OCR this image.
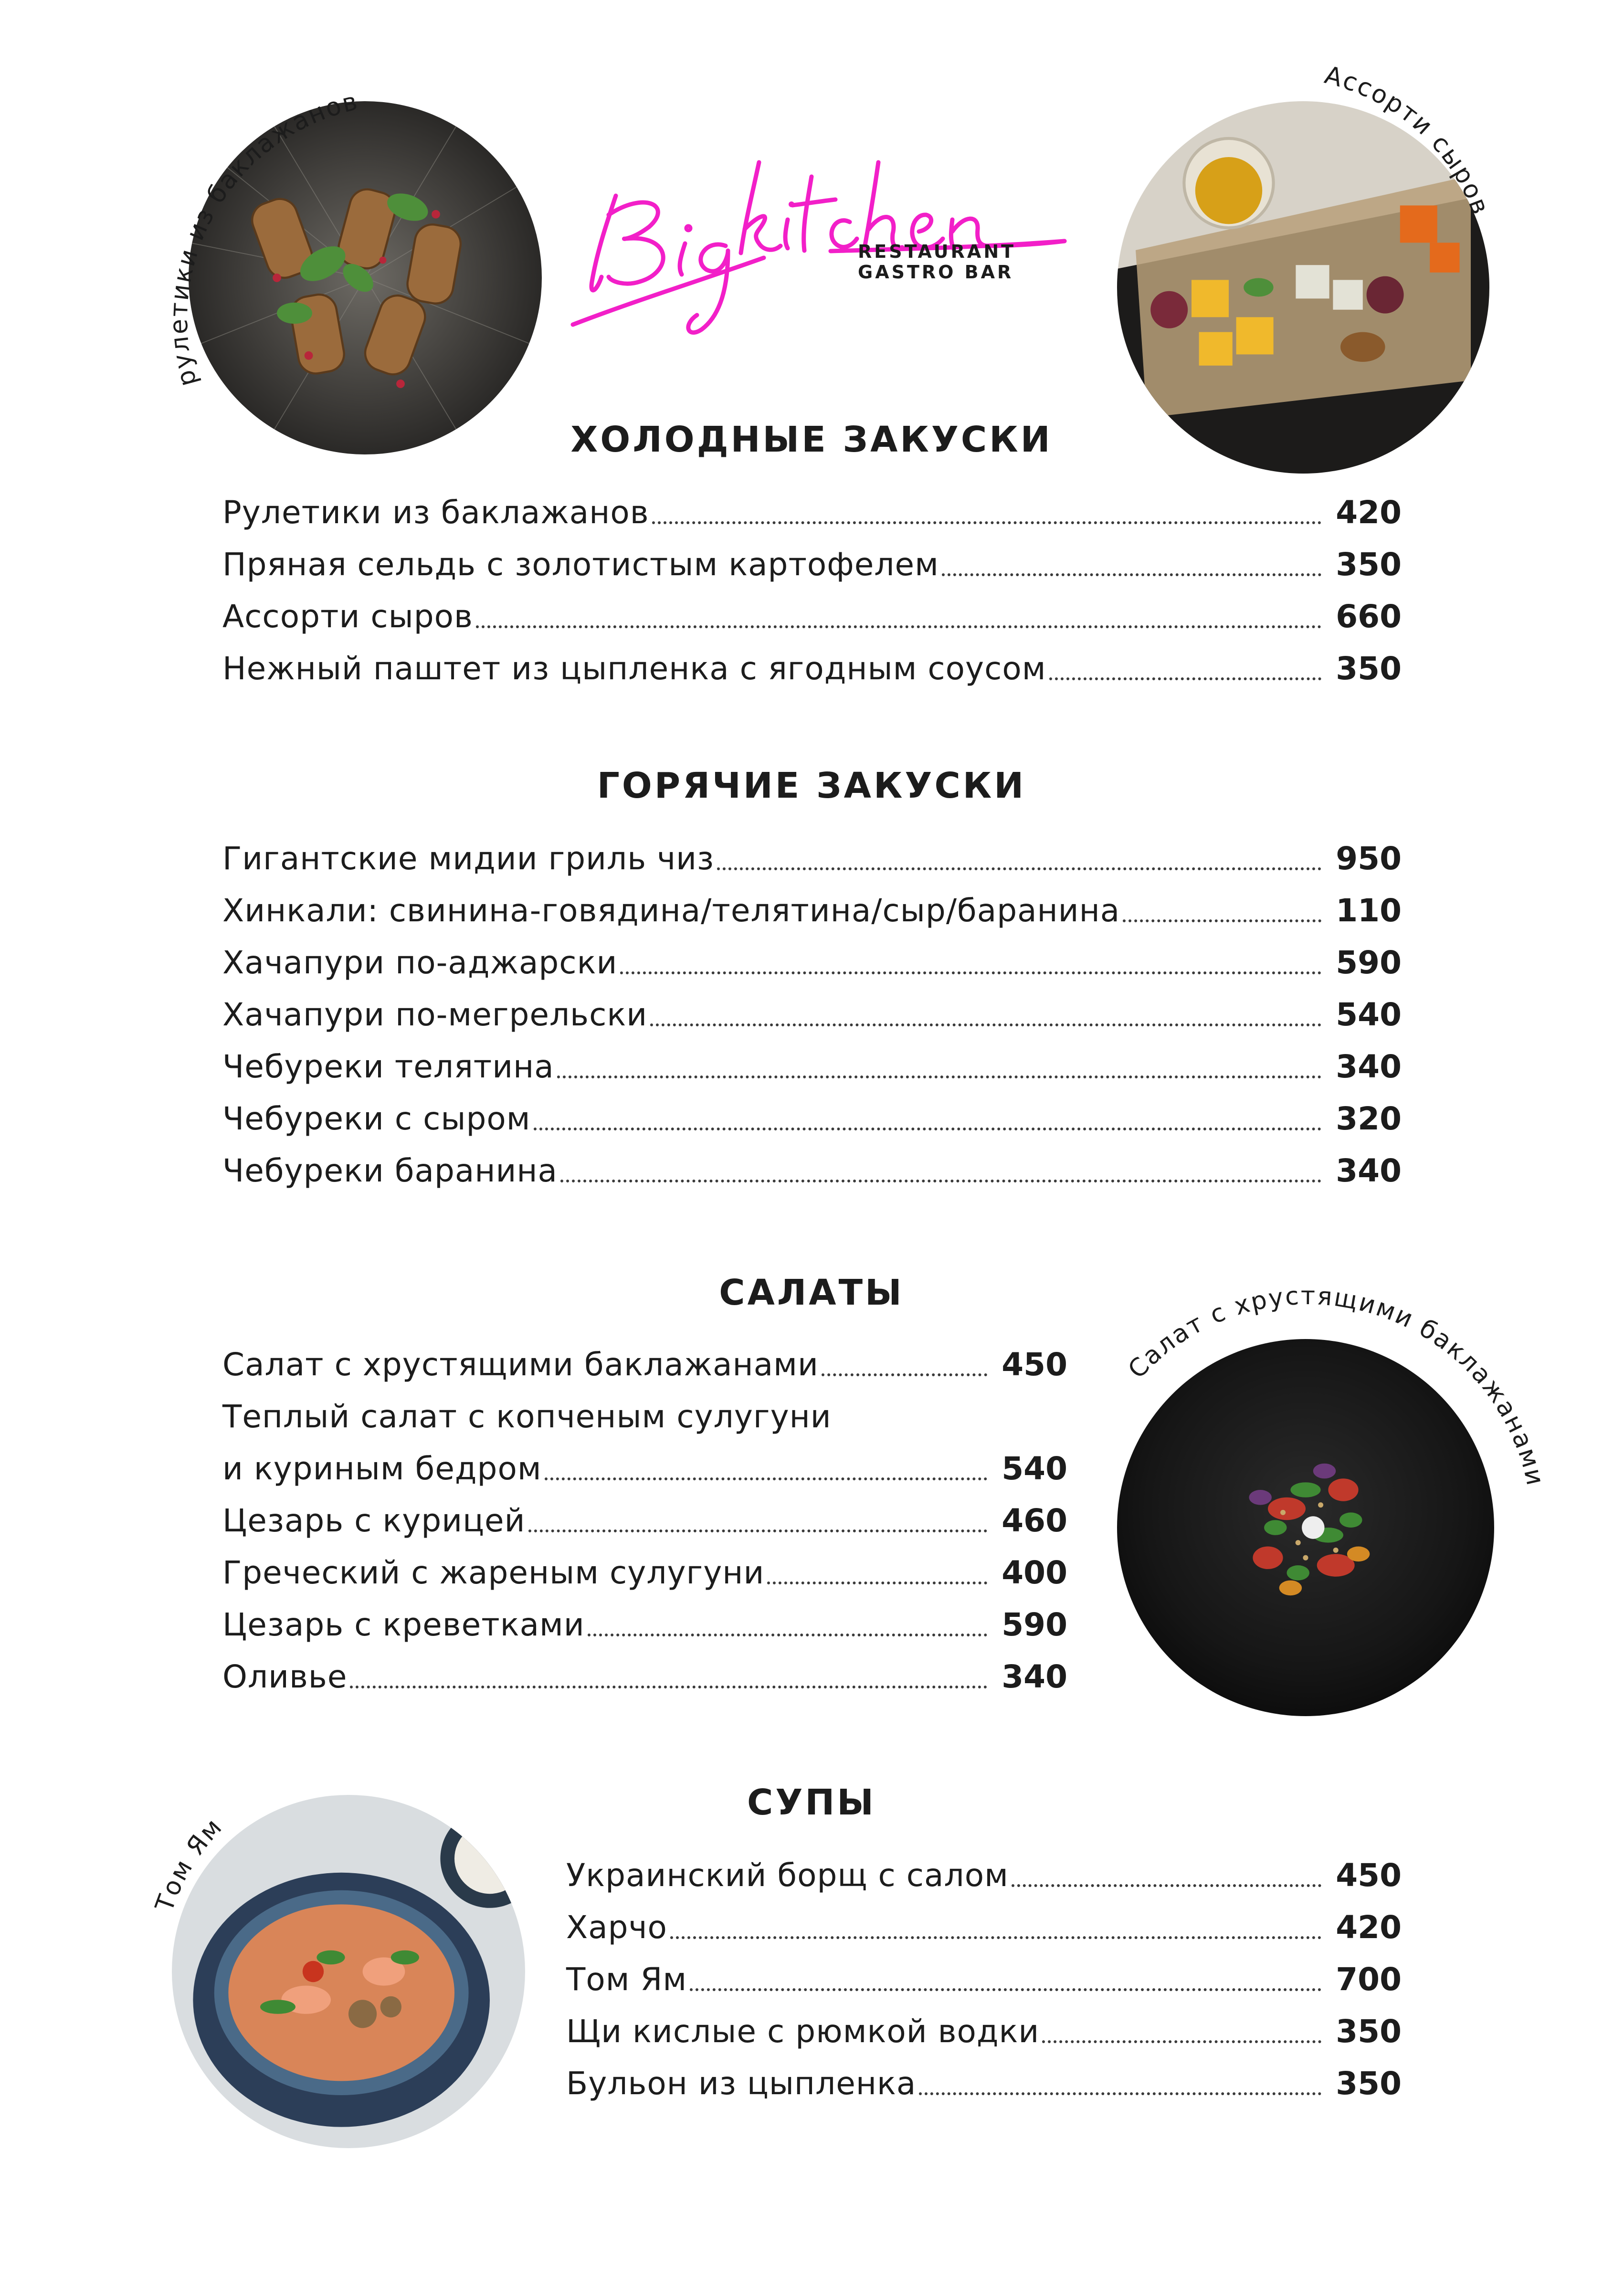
рулетики из баклажанов
Ассорти сыров
RESTAURANT
GASTRO BAR
ХОЛОДНЫЕ ЗАКУСКИ
Рулетики из баклажанов	420
Пряная сельдь с золотистым картофелем	350
Ассорти сыров	660
Нежный паштет из цыпленка с ягодным соусом	350
ГОРЯЧИЕ ЗАКУСКИ
Гигантские мидии гриль чиз	950
Хинкали: свинина-говядина/телятина/сыр/баранина	110
Хачапури по-аджарски	590
Хачапури по-мегрельски	540
Чебуреки телятина	340
Чебуреки с сыром	320
Чебуреки баранина	340
САЛАТЫ
Салат с хрустящими баклажанами	450
Теплый салат с копченым сулугуни
и куриным бедром	540
Цезарь с курицей	460
Греческий с жареным сулугуни	400
Цезарь с креветками	590
Оливье	340
Салат с хрустящими баклажанами
СУПЫ
Том Ям
Украинский борщ с салом	450
Харчо	420
Том Ям	700
Щи кислые с рюмкой водки	350
Бульон из цыпленка	350
